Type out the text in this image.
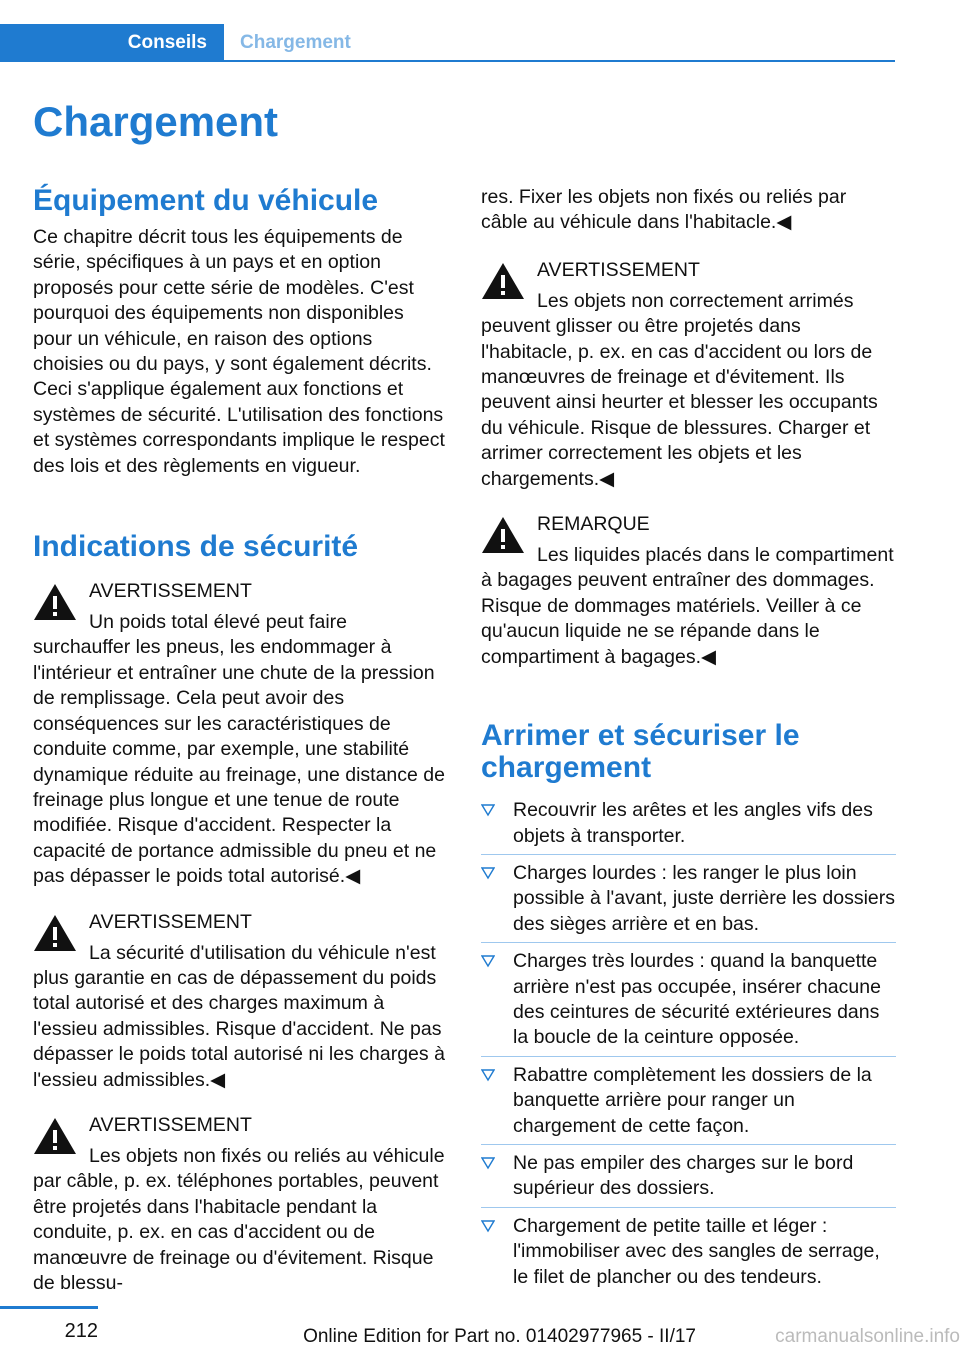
Conseils	Chargement
Chargement
Équipement du véhicule

Ce chapitre décrit tous les équipements de série, spécifiques à un pays et en option proposés pour cette série de modèles. C'est pourquoi des équipements non disponibles pour un véhicule, en raison des options choisies ou du pays, y sont également décrits. Ceci s'applique également aux fonctions et systèmes de sécurité. L'utilisation des fonctions et systèmes correspondants implique le respect des lois et des règlements en vigueur.

Indications de sécurité
AVERTISSEMENT

Un poids total élevé peut faire surchauffer les pneus, les endommager à l'intérieur et entraîner une chute de la pression de remplissage. Cela peut avoir des conséquences sur les caractéristiques de conduite comme, par exemple, une stabilité dynamique réduite au freinage, une distance de freinage plus longue et une tenue de route modifiée. Risque d'accident. Respecter la capacité de portance admissible du pneu et ne pas dépasser le poids total autorisé.◀

AVERTISSEMENT

La sécurité d'utilisation du véhicule n'est plus garantie en cas de dépassement du poids total autorisé et des charges maximum à l'essieu admissibles. Risque d'accident. Ne pas dépasser le poids total autorisé ni les charges à l'essieu admissibles.◀

AVERTISSEMENT

Les objets non fixés ou reliés au véhicule par câble, p. ex. téléphones portables, peuvent être projetés dans l'habitacle pendant la conduite, p. ex. en cas d'accident ou de manœuvre de freinage ou d'évitement. Risque de blessu-

res. Fixer les objets non fixés ou reliés par câble au véhicule dans l'habitacle.◀

AVERTISSEMENT

Les objets non correctement arrimés peuvent glisser ou être projetés dans l'habitacle, p. ex. en cas d'accident ou lors de manœuvres de freinage et d'évitement. Ils peuvent ainsi heurter et blesser les occupants du véhicule. Risque de blessures. Charger et arrimer correctement les objets et les chargements.◀

REMARQUE

Les liquides placés dans le compartiment à bagages peuvent entraîner des dommages. Risque de dommages matériels. Veiller à ce qu'aucun liquide ne se répande dans le compartiment à bagages.◀

Arrimer et sécuriser le chargement
Recouvrir les arêtes et les angles vifs des objets à transporter.
Charges lourdes : les ranger le plus loin possible à l'avant, juste derrière les dossiers des sièges arrière et en bas.
Charges très lourdes : quand la banquette arrière n'est pas occupée, insérer chacune des ceintures de sécurité extérieures dans la boucle de la ceinture opposée.
Rabattre complètement les dossiers de la banquette arrière pour ranger un chargement de cette façon.
Ne pas empiler des charges sur le bord supérieur des dossiers.
Chargement de petite taille et léger : l'immobiliser avec des sangles de serrage, le filet de plancher ou des tendeurs.
212	Online Edition for Part no. 01402977965 - II/17	carmanualsonline.info
